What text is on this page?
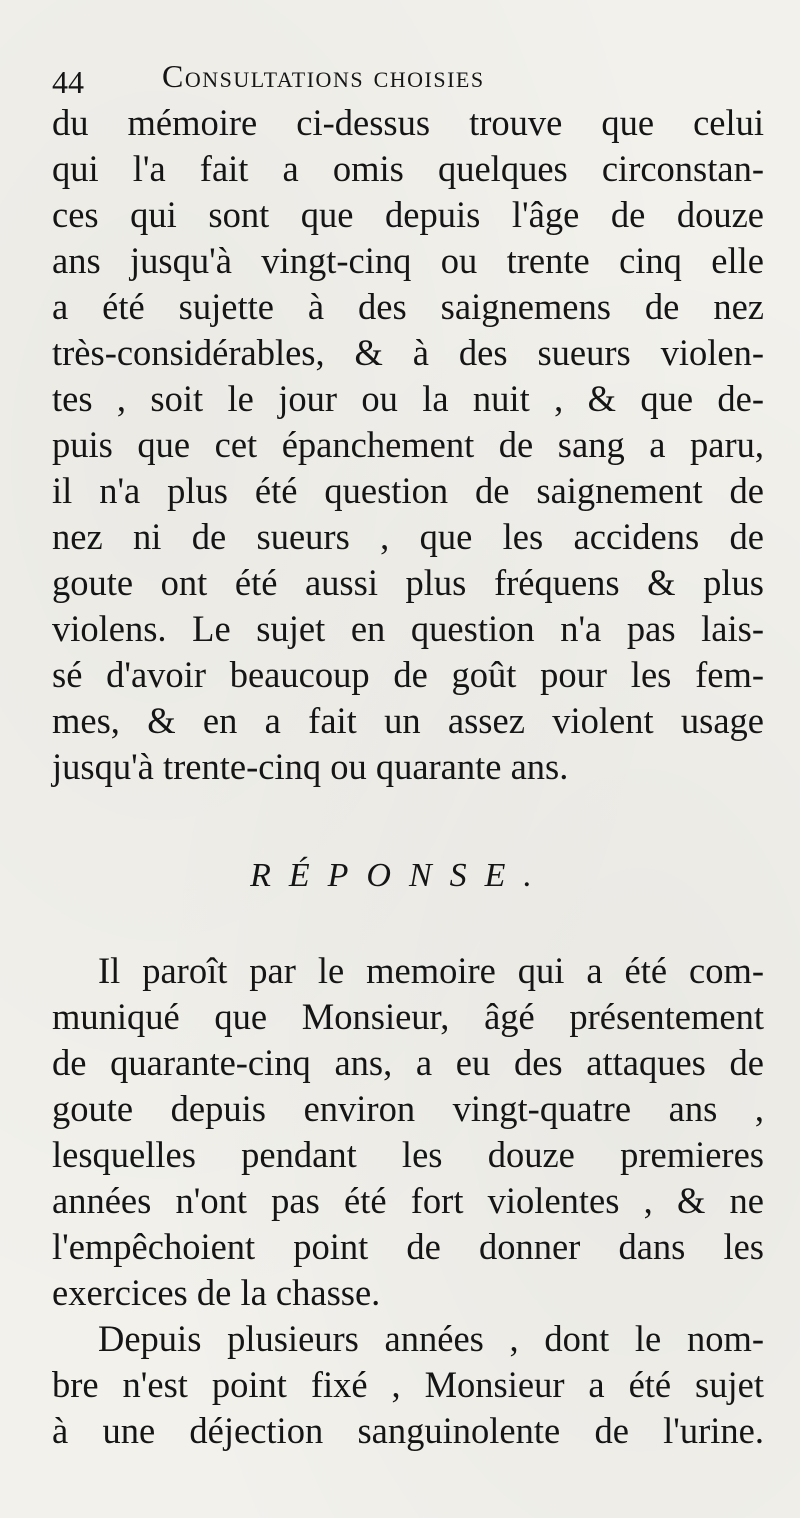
44 Consultations choisies
du mémoire ci-dessus trouve que celui
qui l'a fait a omis quelques circonstan-
ces qui sont que depuis l'âge de douze
ans jusqu'à vingt-cinq ou trente cinq elle
a été sujette à des saignemens de nez
très-considérables, & à des sueurs violen-
tes , soit le jour ou la nuit , & que de-
puis que cet épanchement de sang a paru,
il n'a plus été question de saignement de
nez ni de sueurs , que les accidens de
goute ont été aussi plus fréquens & plus
violens. Le sujet en question n'a pas lais-
sé d'avoir beaucoup de goût pour les fem-
mes, & en a fait un assez violent usage
jusqu'à trente-cinq ou quarante ans.
RÉPONSE.
Il paroît par le memoire qui a été com-
muniqué que Monsieur, âgé présentement
de quarante-cinq ans, a eu des attaques de
goute depuis environ vingt-quatre ans ,
lesquelles pendant les douze premieres
années n'ont pas été fort violentes , & ne
l'empêchoient point de donner dans les
exercices de la chasse.
Depuis plusieurs années , dont le nom-
bre n'est point fixé , Monsieur a été sujet
à une déjection sanguinolente de l'urine.
